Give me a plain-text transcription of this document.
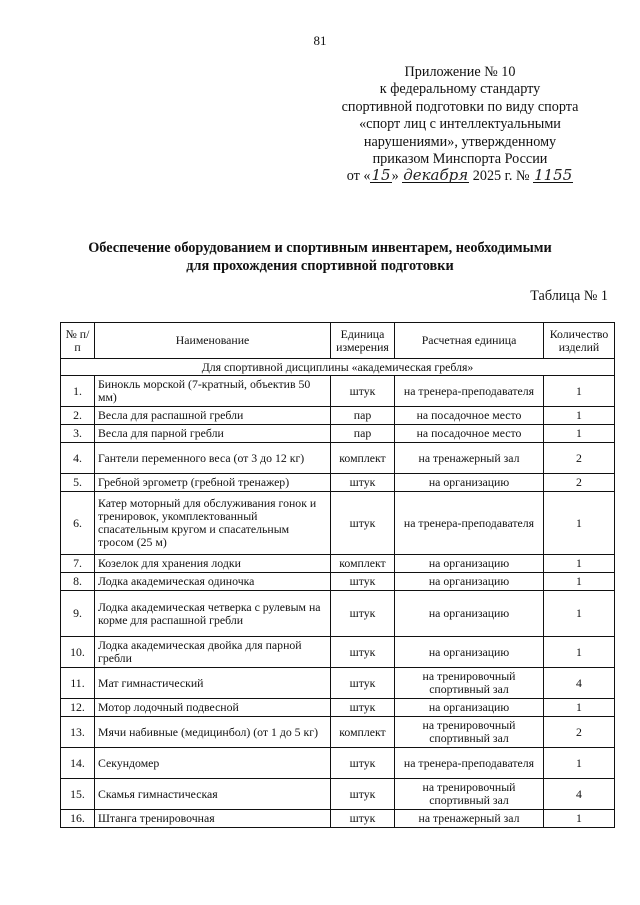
81
Приложение № 10
к федеральному стандарту
спортивной подготовки по виду спорта
«спорт лиц с интеллектуальными
нарушениями», утвержденному
приказом Минспорта России
от «15» декабря 2025 г. № 1155
Обеспечение оборудованием и спортивным инвентарем, необходимыми
для прохождения спортивной подготовки
Таблица № 1
№ п/п	Наименование	Единица измерения	Расчетная единица	Количество изделий
Для спортивной дисциплины «академическая гребля»				
1.	Бинокль морской (7-кратный, объектив 50 мм)	штук	на тренера-преподавателя	1
2.	Весла для распашной гребли	пар	на посадочное место	1
3.	Весла для парной гребли	пар	на посадочное место	1
4.	Гантели переменного веса (от 3 до 12 кг)	комплект	на тренажерный зал	2
5.	Гребной эргометр (гребной тренажер)	штук	на организацию	2
6.	Катер моторный для обслуживания гонок и тренировок, укомплектованный спасательным кругом и спасательным тросом (25 м)	штук	на тренера-преподавателя	1
7.	Козелок для хранения лодки	комплект	на организацию	1
8.	Лодка академическая одиночка	штук	на организацию	1
9.	Лодка академическая четверка с рулевым на корме для распашной гребли	штук	на организацию	1
10.	Лодка академическая двойка для парной гребли	штук	на организацию	1
11.	Мат гимнастический	штук	на тренировочный спортивный зал	4
12.	Мотор лодочный подвесной	штук	на организацию	1
13.	Мячи набивные (медицинбол) (от 1 до 5 кг)	комплект	на тренировочный спортивный зал	2
14.	Секундомер	штук	на тренера-преподавателя	1
15.	Скамья гимнастическая	штук	на тренировочный спортивный зал	4
16.	Штанга тренировочная	штук	на тренажерный зал	1
